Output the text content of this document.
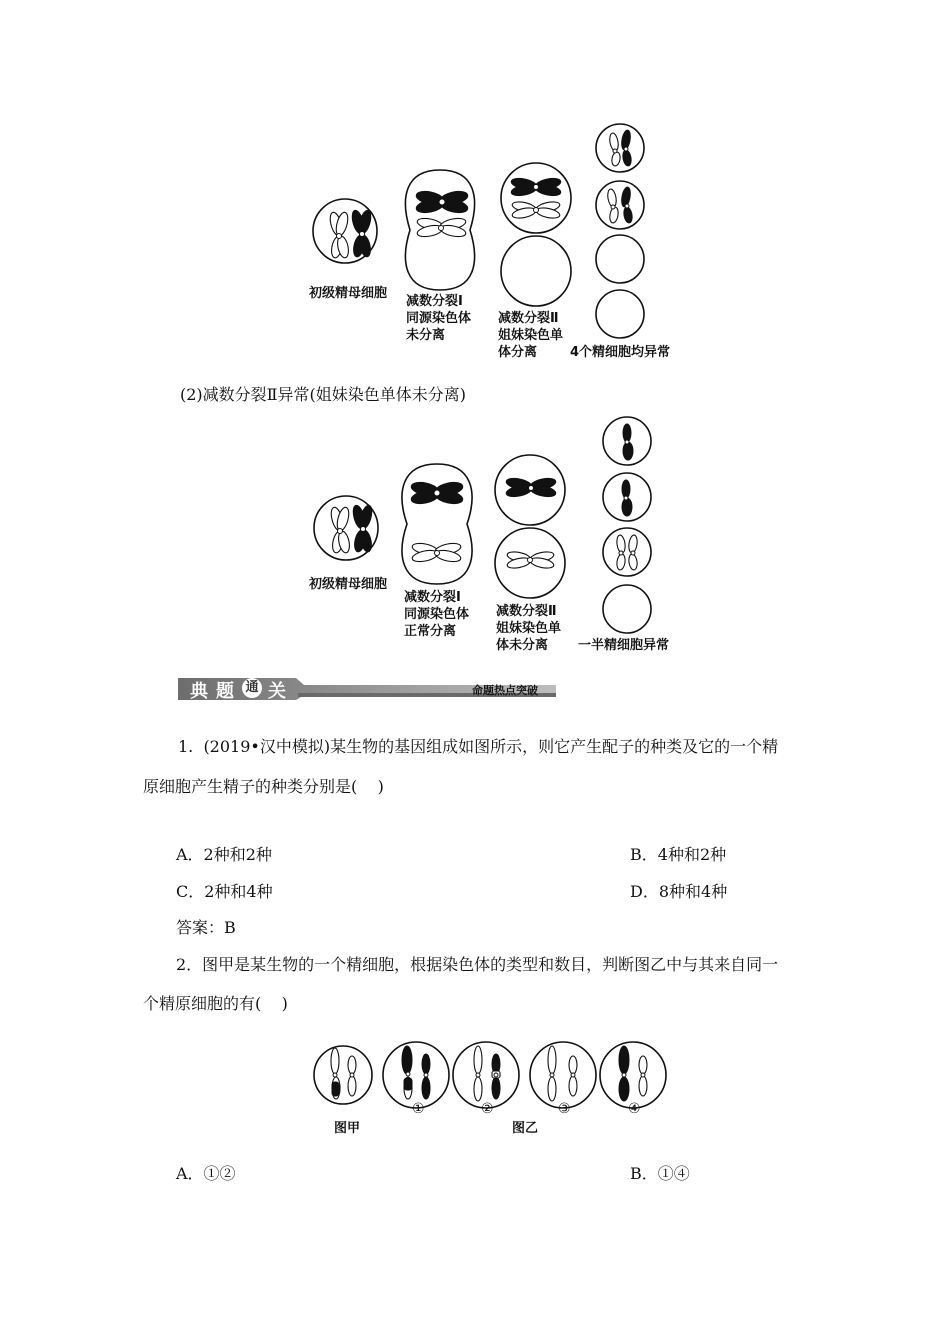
初级精母细胞
减数分裂Ⅰ
同源染色体
未分离
减数分裂Ⅱ
姐妹染色单
体分离	4个精细胞均异常
(2)减数分裂Ⅱ异常(姐妹染色单体未分离)
初级精母细胞
减数分裂Ⅰ
同源染色体
正常分离
减数分裂Ⅱ
姐妹染色单
体未分离 一半精细胞异常
典 题 通 关	命题热点突破
1.  (2019•汉中模拟)某生物的基因组成如图所示，则它产生配子的种类及它的一个精
原细胞产生精子的种类分别是(    )
A．2种和2种	B．4种和2种
C．2种和4种	D．8种和4种
答案：B
2．图甲是某生物的一个精细胞，根据染色体的类型和数目，判断图乙中与其来自同一
个精原细胞的有(    )
①	②	③	④
图甲	图乙
A．①②	B．①④
